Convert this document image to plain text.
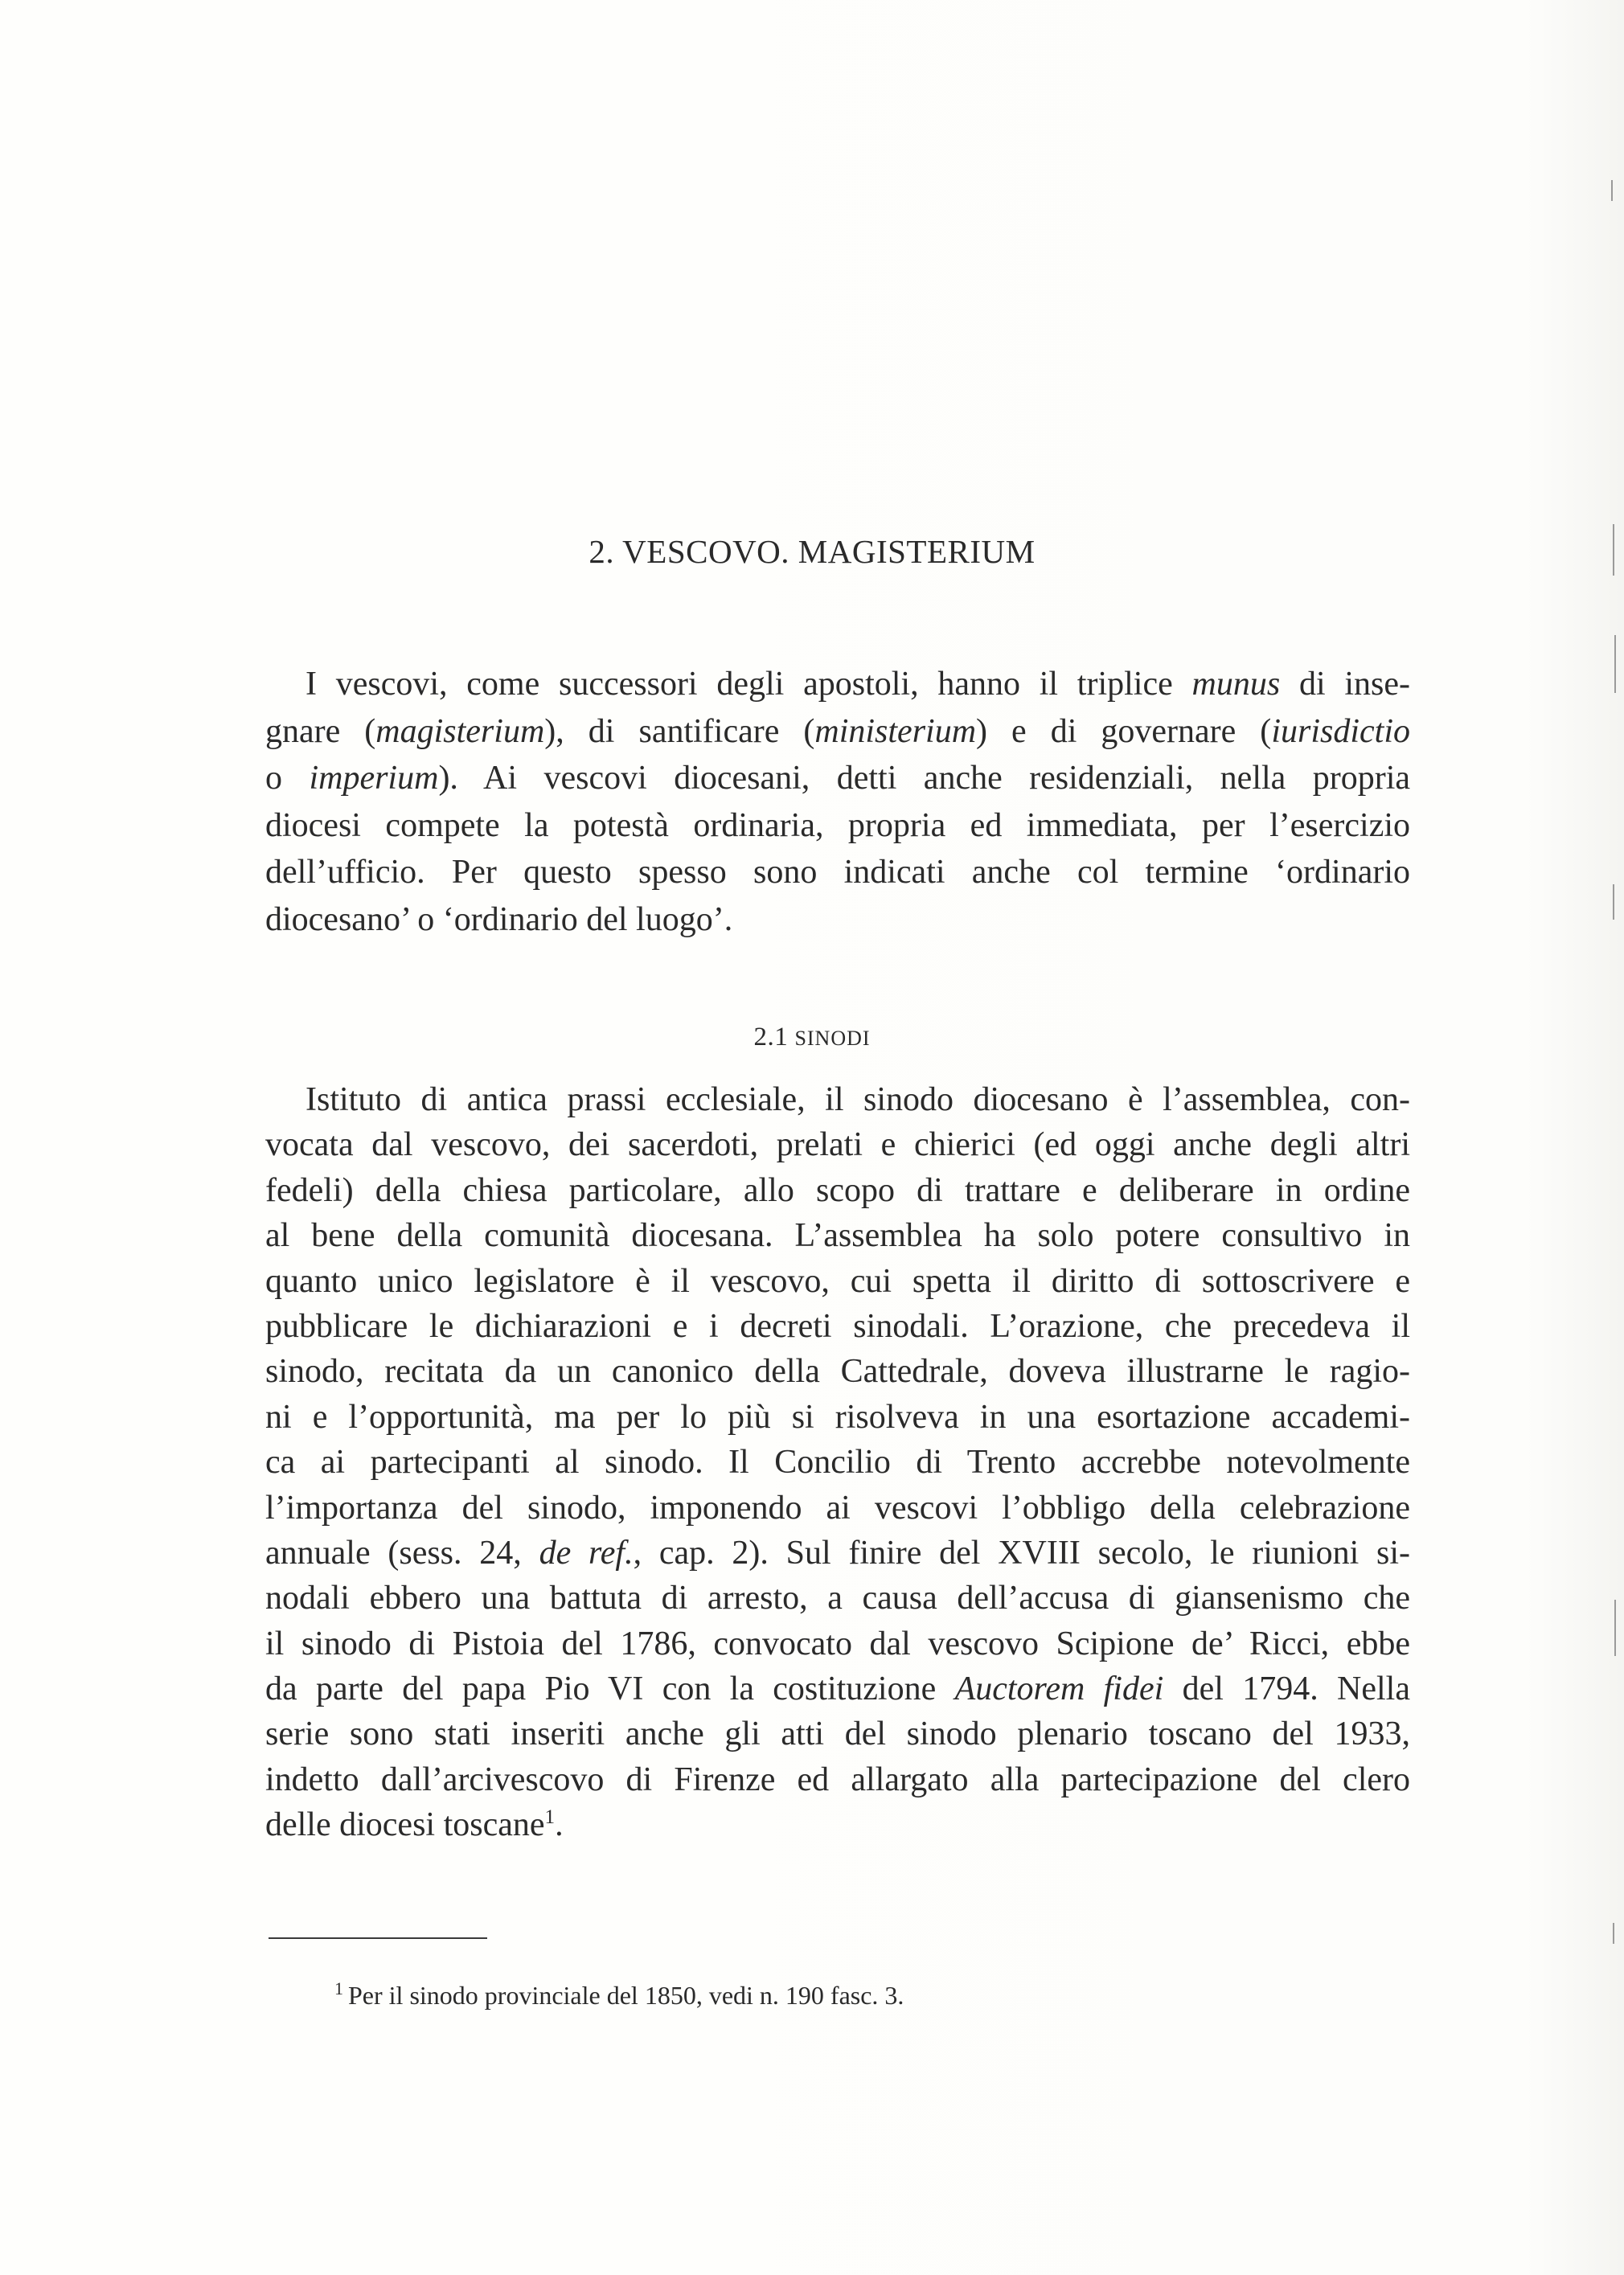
2. VESCOVO. MAGISTERIUM

I vescovi, come successori degli apostoli, hanno il triplice munus di inse-
gnare (magisterium), di santificare (ministerium) e di governare (iurisdictio
o imperium). Ai vescovi diocesani, detti anche residenziali, nella propria
diocesi compete la potestà ordinaria, propria ed immediata, per l’esercizio
dell’ufficio. Per questo spesso sono indicati anche col termine ‘ordinario
diocesano’ o ‘ordinario del luogo’.

2.1 SINODI

Istituto di antica prassi ecclesiale, il sinodo diocesano è l’assemblea, con-
vocata dal vescovo, dei sacerdoti, prelati e chierici (ed oggi anche degli altri
fedeli) della chiesa particolare, allo scopo di trattare e deliberare in ordine
al bene della comunità diocesana. L’assemblea ha solo potere consultivo in
quanto unico legislatore è il vescovo, cui spetta il diritto di sottoscrivere e
pubblicare le dichiarazioni e i decreti sinodali. L’orazione, che precedeva il
sinodo, recitata da un canonico della Cattedrale, doveva illustrarne le ragio-
ni e l’opportunità, ma per lo più si risolveva in una esortazione accademi-
ca ai partecipanti al sinodo. Il Concilio di Trento accrebbe notevolmente
l’importanza del sinodo, imponendo ai vescovi l’obbligo della celebrazione
annuale (sess. 24, de ref., cap. 2). Sul finire del XVIII secolo, le riunioni si-
nodali ebbero una battuta di arresto, a causa dell’accusa di giansenismo che
il sinodo di Pistoia del 1786, convocato dal vescovo Scipione de’ Ricci, ebbe
da parte del papa Pio VI con la costituzione Auctorem fidei del 1794. Nella
serie sono stati inseriti anche gli atti del sinodo plenario toscano del 1933,
indetto dall’arcivescovo di Firenze ed allargato alla partecipazione del clero
delle diocesi toscane$^1$.

$^1$ Per il sinodo provinciale del 1850, vedi n. 190 fasc. 3.
